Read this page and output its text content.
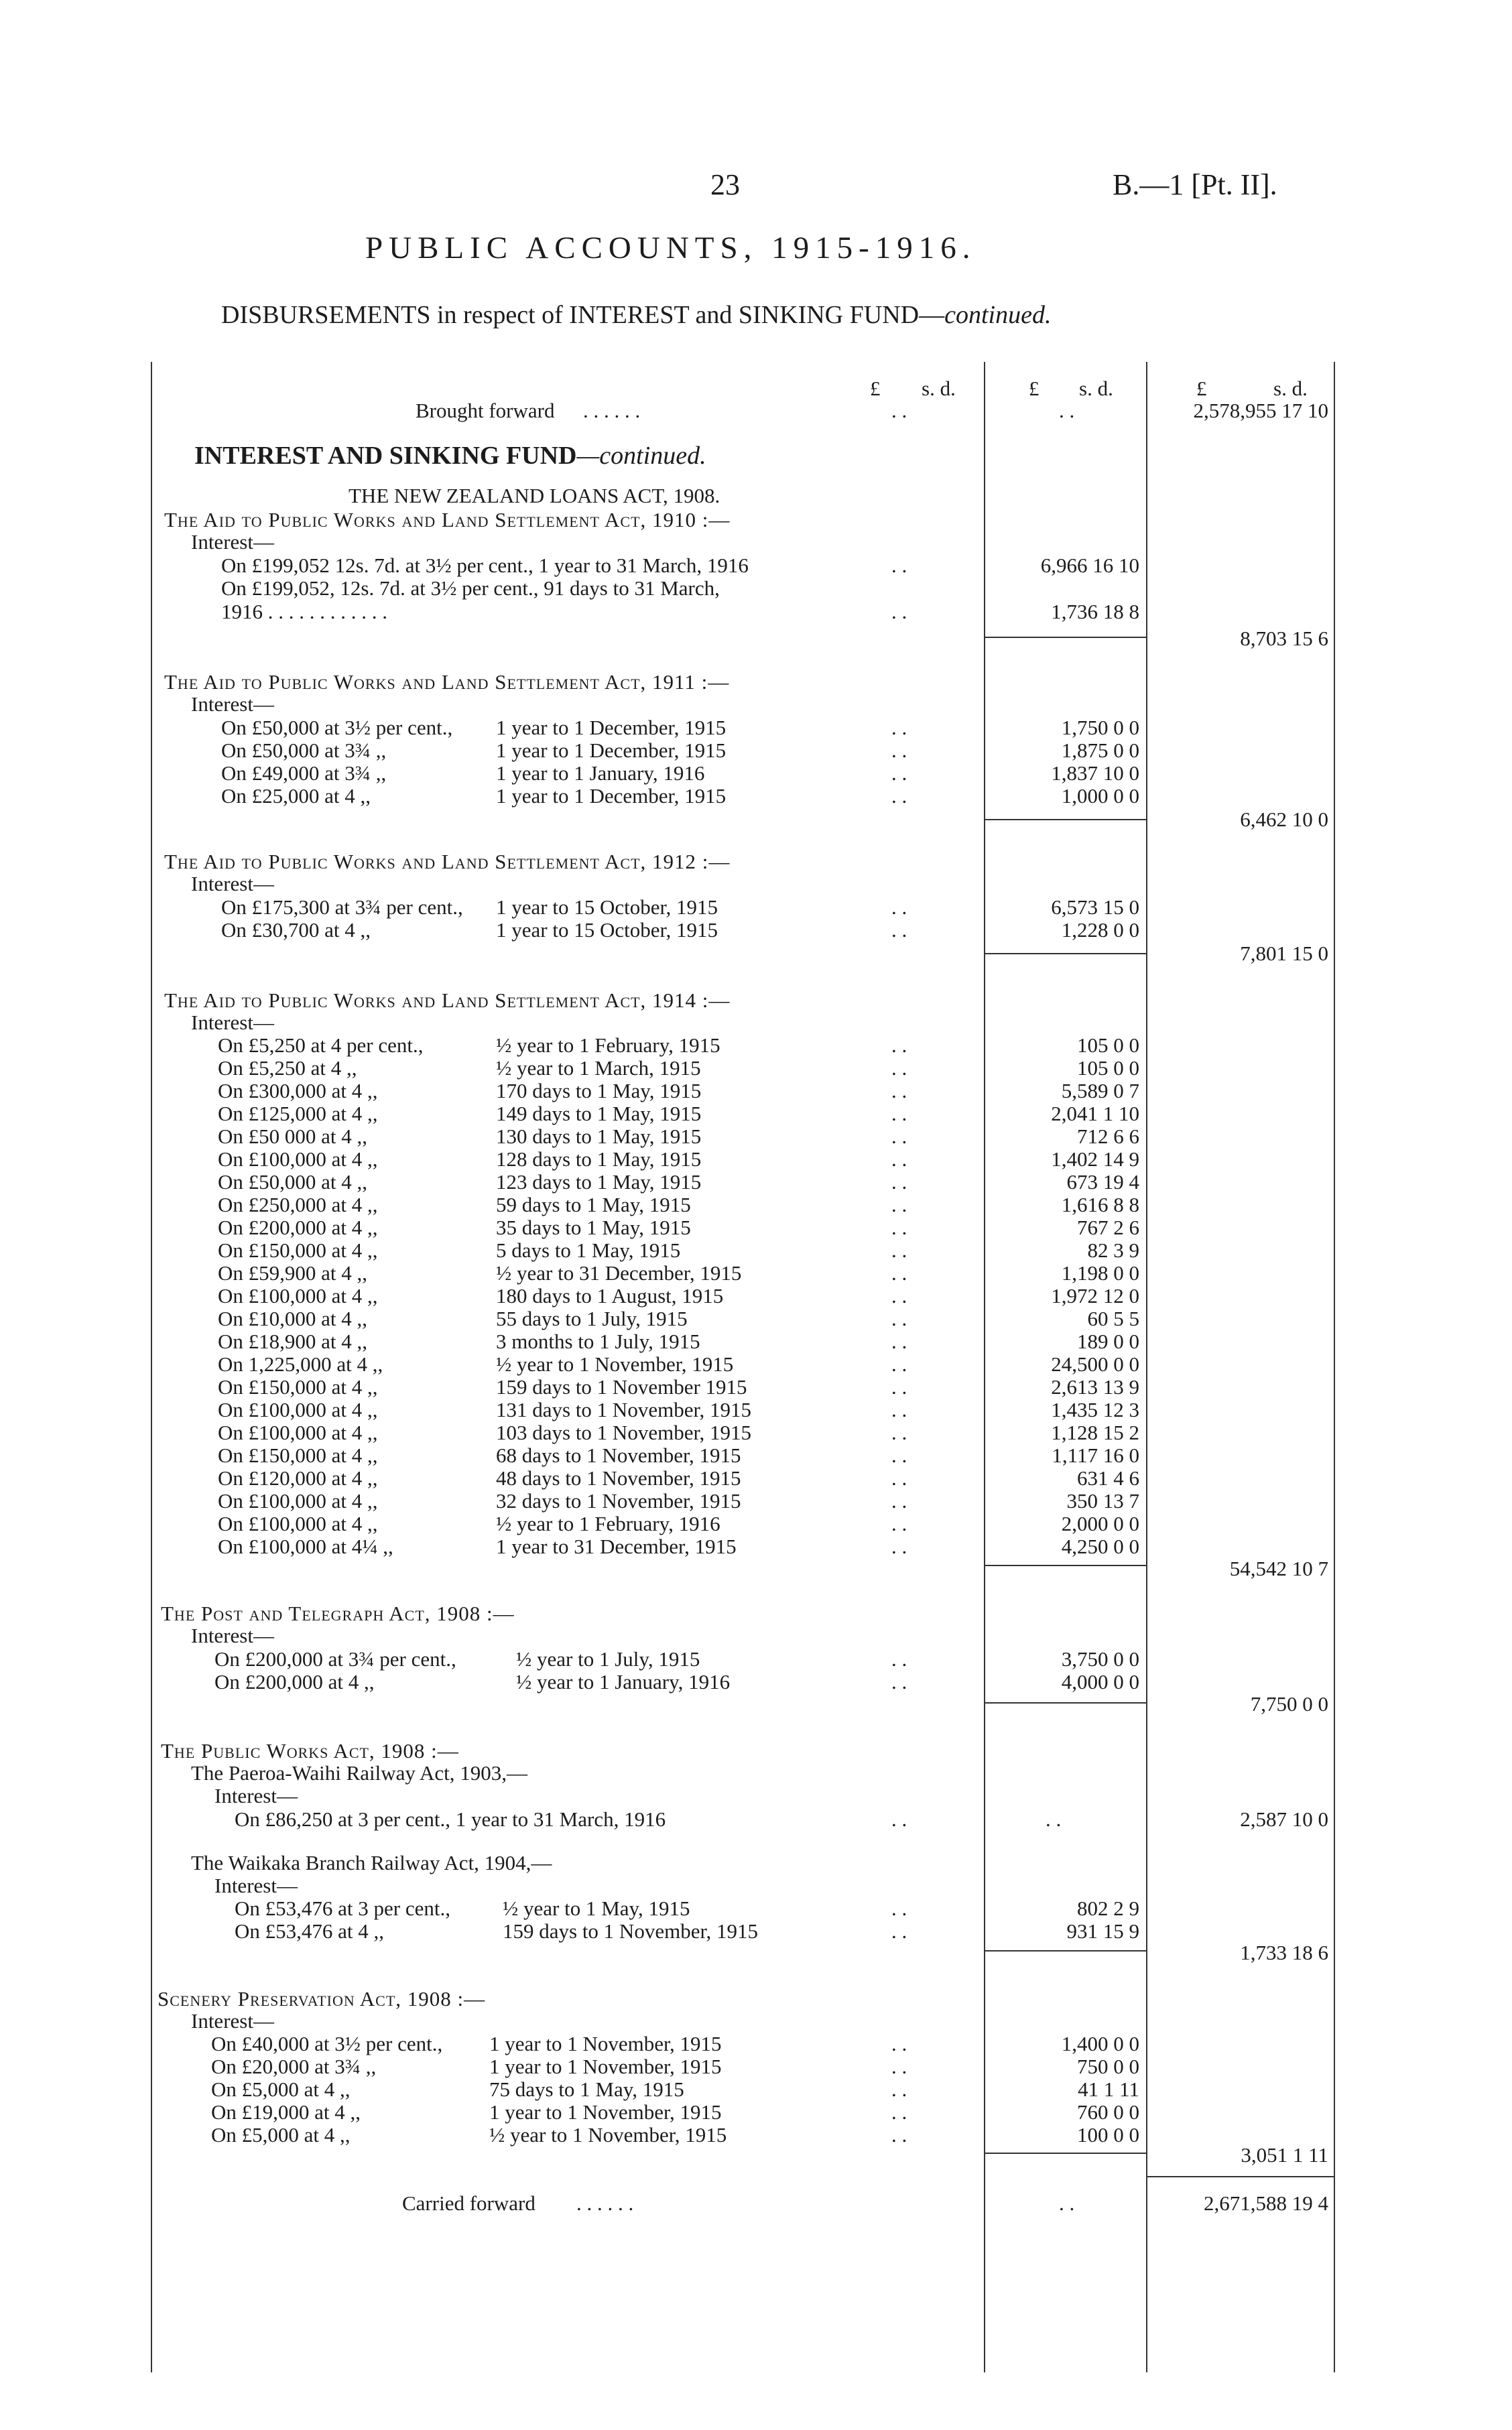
23	B.—1 [Pt. II].
PUBLIC ACCOUNTS, 1915-1916.
DISBURSEMENTS in respect of INTEREST and SINKING FUND—continued.
£ s. d.	£ s. d.	£	s. d.
Brought forward . . . . . .	. .	. .	2,578,955 17 10
INTEREST AND SINKING FUND—continued.
THE NEW ZEALAND LOANS ACT, 1908.
The Aid to Public Works and Land Settlement Act, 1910 :—
Interest—
On £199,052 12s. 7d. at 3½ per cent., 1 year to 31 March, 1916	. .	6,966 16 10
On £199,052, 12s. 7d. at 3½ per cent., 91 days to 31 March,
1916 . . . . . . . . . . . .	. .	1,736 18 8
8,703 15 6
The Aid to Public Works and Land Settlement Act, 1911 :—
Interest—
On £50,000 at 3½ per cent., 1 year to 1 December, 1915	. .	1,750 0 0
On £50,000 at 3¾ ,,	1 year to 1 December, 1915	. .	1,875 0 0
On £49,000 at 3¾ ,,	1 year to 1 January, 1916	. .	1,837 10 0
On £25,000 at 4 ,,	1 year to 1 December, 1915	. .	1,000 0 0
6,462 10 0
The Aid to Public Works and Land Settlement Act, 1912 :—
Interest—
On £175,300 at 3¾ per cent., 1 year to 15 October, 1915	. .	6,573 15 0
On £30,700 at 4 ,,	1 year to 15 October, 1915	. .	1,228 0 0
7,801 15 0
The Aid to Public Works and Land Settlement Act, 1914 :—
Interest—
On £5,250 at 4 per cent.,	½ year to 1 February, 1915	. .	105 0 0
On £5,250 at 4 ,,	½ year to 1 March, 1915	. .	105 0 0
On £300,000 at 4 ,,	170 days to 1 May, 1915	. .	5,589 0 7
On £125,000 at 4 ,,	149 days to 1 May, 1915	. .	2,041 1 10
On £50 000 at 4 ,,	130 days to 1 May, 1915	. .	712 6 6
On £100,000 at 4 ,,	128 days to 1 May, 1915	. .	1,402 14 9
On £50,000 at 4 ,,	123 days to 1 May, 1915	. .	673 19 4
On £250,000 at 4 ,,	59 days to 1 May, 1915	. .	1,616 8 8
On £200,000 at 4 ,,	35 days to 1 May, 1915	. .	767 2 6
On £150,000 at 4 ,,	5 days to 1 May, 1915	. .	82 3 9
On £59,900 at 4 ,,	½ year to 31 December, 1915	. .	1,198 0 0
On £100,000 at 4 ,,	180 days to 1 August, 1915	. .	1,972 12 0
On £10,000 at 4 ,,	55 days to 1 July, 1915	. .	60 5 5
On £18,900 at 4 ,,	3 months to 1 July, 1915	. .	189 0 0
On 1,225,000 at 4 ,,	½ year to 1 November, 1915	. .	24,500 0 0
On £150,000 at 4 ,,	159 days to 1 November 1915	. .	2,613 13 9
On £100,000 at 4 ,,	131 days to 1 November, 1915	. .	1,435 12 3
On £100,000 at 4 ,,	103 days to 1 November, 1915	. .	1,128 15 2
On £150,000 at 4 ,,	68 days to 1 November, 1915	. .	1,117 16 0
On £120,000 at 4 ,,	48 days to 1 November, 1915	. .	631 4 6
On £100,000 at 4 ,,	32 days to 1 November, 1915	. .	350 13 7
On £100,000 at 4 ,,	½ year to 1 February, 1916	. .	2,000 0 0
On £100,000 at 4¼ ,,	1 year to 31 December, 1915	. .	4,250 0 0
54,542 10 7
The Post and Telegraph Act, 1908 :—
Interest—
On £200,000 at 3¾ per cent.,	½ year to 1 July, 1915	. .	3,750 0 0
On £200,000 at 4 ,,	½ year to 1 January, 1916	. .	4,000 0 0
7,750 0 0
The Public Works Act, 1908 :—
The Paeroa-Waihi Railway Act, 1903,—
Interest—
On £86,250 at 3 per cent., 1 year to 31 March, 1916	. .	. .	2,587 10 0
The Waikaka Branch Railway Act, 1904,—
Interest—
On £53,476 at 3 per cent.,	½ year to 1 May, 1915	. .	802 2 9
On £53,476 at 4 ,,	159 days to 1 November, 1915	. .	931 15 9
1,733 18 6
Scenery Preservation Act, 1908 :—
Interest—
On £40,000 at 3½ per cent., 1 year to 1 November, 1915	. .	1,400 0 0
On £20,000 at 3¾ ,,	1 year to 1 November, 1915	. .	750 0 0
On £5,000 at 4 ,,	75 days to 1 May, 1915	. .	41 1 11
On £19,000 at 4 ,,	1 year to 1 November, 1915	. .	760 0 0
On £5,000 at 4 ,,	½ year to 1 November, 1915	. .	100 0 0
3,051 1 11
Carried forward . . . . . .	. .	2,671,588 19 4
